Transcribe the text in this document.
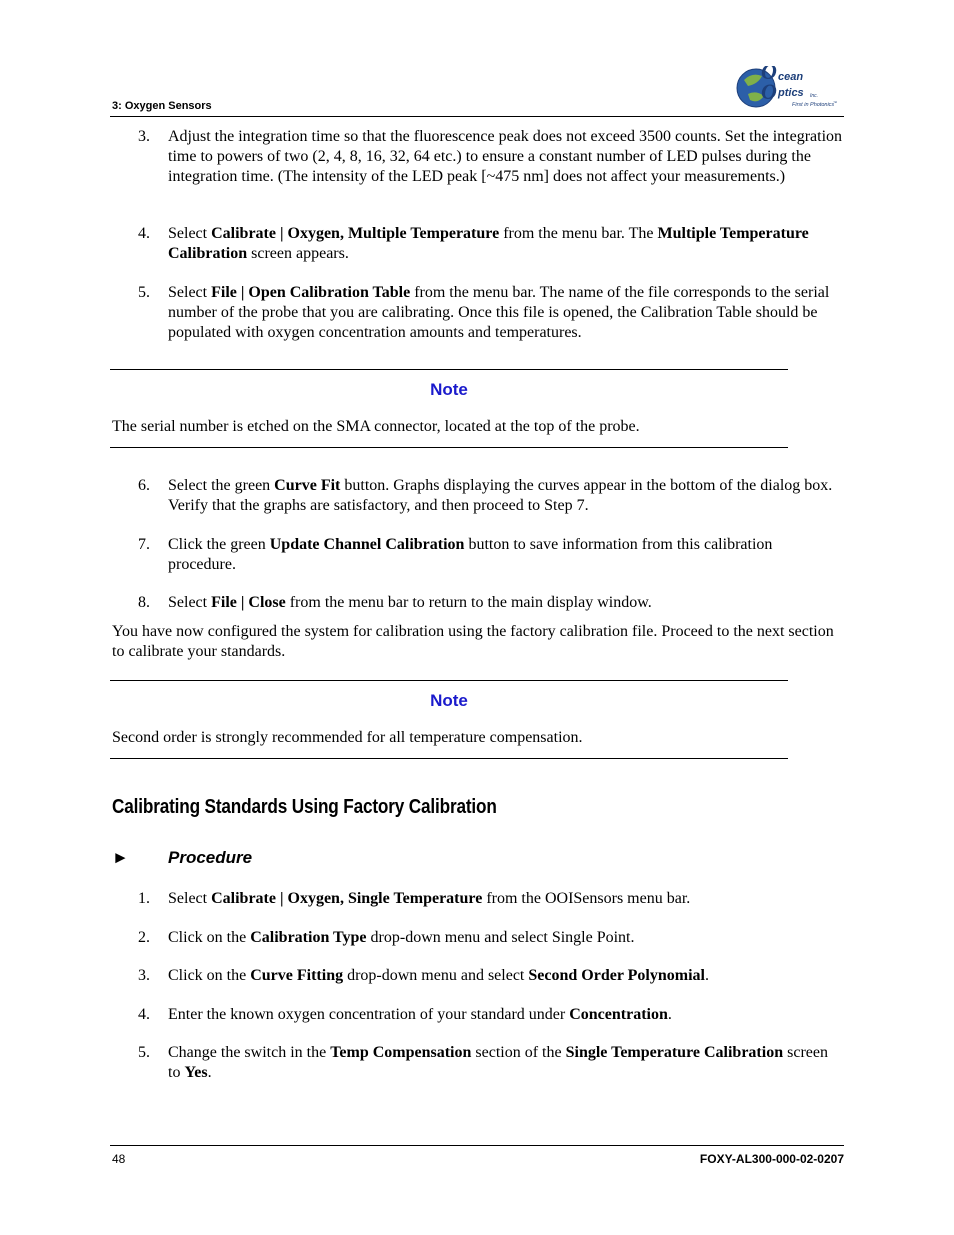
3: Oxygen Sensors
O cean
O ptics Inc.
First in Photonics
™
3. Adjust the integration time so that the fluorescence peak does not exceed 3500 counts. Set the integration time to powers of two (2, 4, 8, 16, 32, 64 etc.) to ensure a constant number of LED pulses during the integration time. (The intensity of the LED peak [~475 nm] does not affect your measurements.)
4. Select Calibrate | Oxygen, Multiple Temperature from the menu bar. The Multiple Temperature Calibration screen appears.
5. Select File | Open Calibration Table from the menu bar. The name of the file corresponds to the serial number of the probe that you are calibrating. Once this file is opened, the Calibration Table should be populated with oxygen concentration amounts and temperatures.
Note
The serial number is etched on the SMA connector, located at the top of the probe.
6. Select the green Curve Fit button. Graphs displaying the curves appear in the bottom of the dialog box. Verify that the graphs are satisfactory, and then proceed to Step 7.
7. Click the green Update Channel Calibration button to save information from this calibration procedure.
8. Select File | Close from the menu bar to return to the main display window.
You have now configured the system for calibration using the factory calibration file. Proceed to the next section to calibrate your standards.
Note
Second order is strongly recommended for all temperature compensation.
Calibrating Standards Using Factory Calibration
► Procedure
1. Select Calibrate | Oxygen, Single Temperature from the OOISensors menu bar.
2. Click on the Calibration Type drop-down menu and select Single Point.
3. Click on the Curve Fitting drop-down menu and select Second Order Polynomial.
4. Enter the known oxygen concentration of your standard under Concentration.
5. Change the switch in the Temp Compensation section of the Single Temperature Calibration screen to Yes.
48	FOXY-AL300-000-02-0207
